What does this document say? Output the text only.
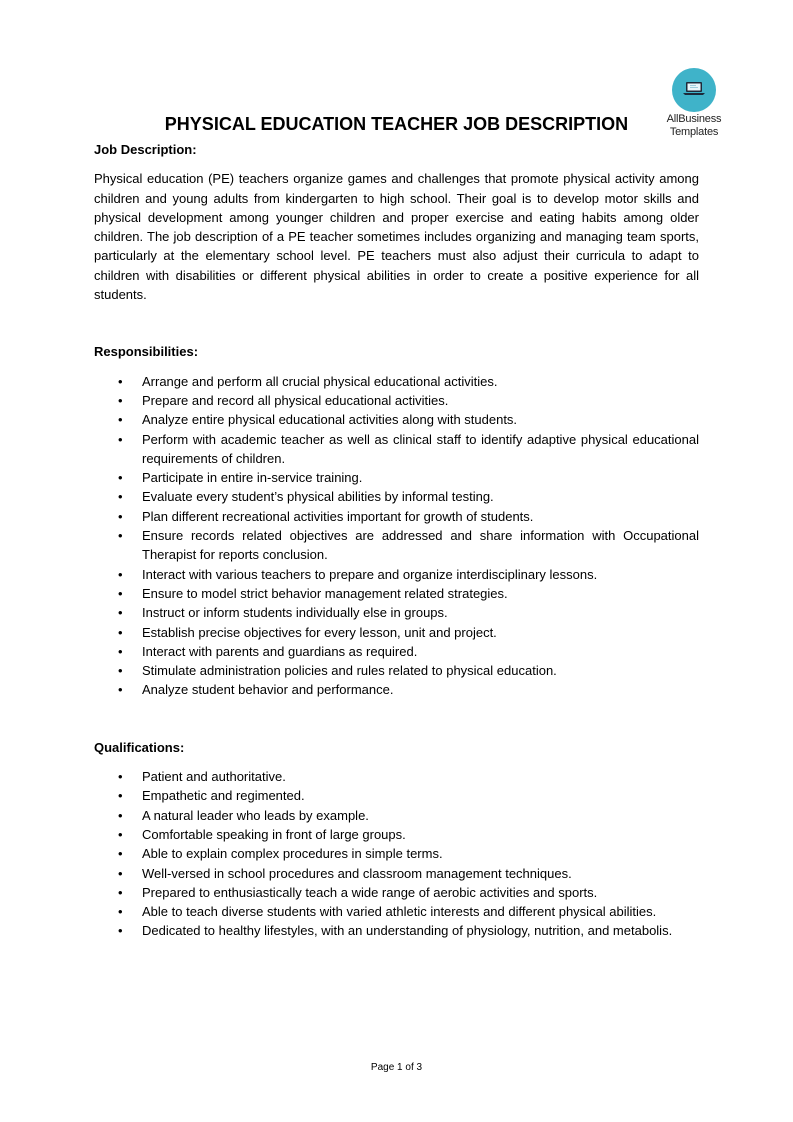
AllBusiness
Templates
PHYSICAL EDUCATION TEACHER JOB DESCRIPTION

Job Description:

Physical education (PE) teachers organize games and challenges that promote physical activity among children and young adults from kindergarten to high school. Their goal is to develop motor skills and physical development among younger children and proper exercise and eating habits among older children. The job description of a PE teacher sometimes includes organizing and managing team sports, particularly at the elementary school level. PE teachers must also adjust their curricula to adapt to children with disabilities or different physical abilities in order to create a positive experience for all students.

Responsibilities:

• Arrange and perform all crucial physical educational activities.
• Prepare and record all physical educational activities.
• Analyze entire physical educational activities along with students.
• Perform with academic teacher as well as clinical staff to identify adaptive physical educational requirements of children.
• Participate in entire in-service training.
• Evaluate every student’s physical abilities by informal testing.
• Plan different recreational activities important for growth of students.
• Ensure records related objectives are addressed and share information with Occupational Therapist for reports conclusion.
• Interact with various teachers to prepare and organize interdisciplinary lessons.
• Ensure to model strict behavior management related strategies.
• Instruct or inform students individually else in groups.
• Establish precise objectives for every lesson, unit and project.
• Interact with parents and guardians as required.
• Stimulate administration policies and rules related to physical education.
• Analyze student behavior and performance.

Qualifications:

• Patient and authoritative.
• Empathetic and regimented.
• A natural leader who leads by example.
• Comfortable speaking in front of large groups.
• Able to explain complex procedures in simple terms.
• Well-versed in school procedures and classroom management techniques.
• Prepared to enthusiastically teach a wide range of aerobic activities and sports.
• Able to teach diverse students with varied athletic interests and different physical abilities.
• Dedicated to healthy lifestyles, with an understanding of physiology, nutrition, and metabolis.
Page 1 of 3
